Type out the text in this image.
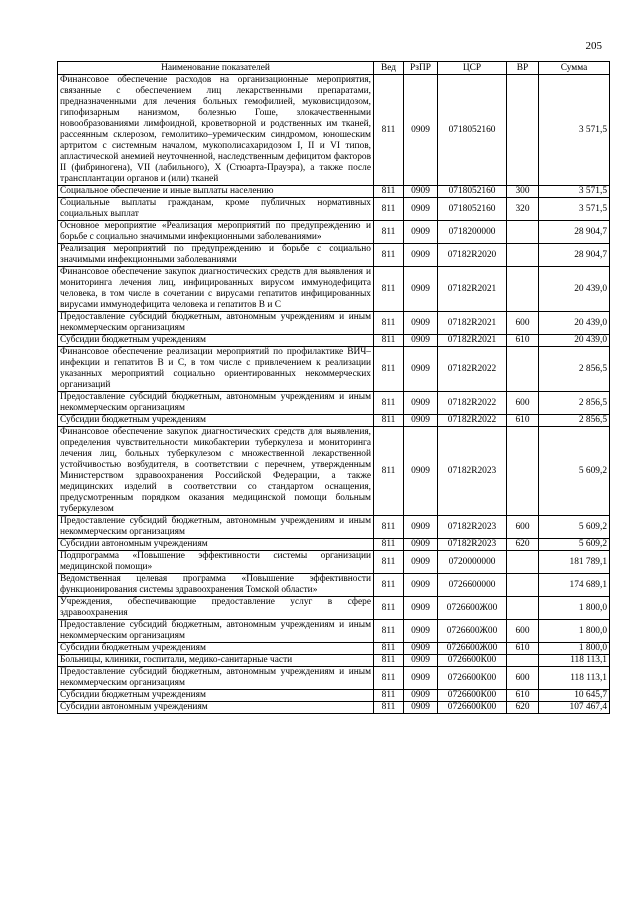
205
Наименование показателей	Вед	РзПР	ЦСР	ВР	Сумма
Финансовое обеспечение расходов на организационные мероприятия, связанные с обеспечением лиц лекарственными препаратами, предназначенными для лечения больных гемофилией, муковисцидозом, гипофизарным нанизмом, болезнью Гоше, злокачественными новообразованиями лимфоидной, кроветворной и родственных им тканей, рассеянным склерозом, гемолитико–уремическим синдромом, юношеским артритом с системным началом, мукополисахаридозом I, II и VI типов, апластической анемией неуточненной, наследственным дефицитом факторов II (фибриногена), VII (лабильного), X (Стюарта-Прауэра), а также после трансплантации органов и (или) тканей	811	0909	0718052160		3 571,5
Социальное обеспечение и иные выплаты населению	811	0909	0718052160	300	3 571,5
Социальные выплаты гражданам, кроме публичных нормативных социальных выплат	811	0909	0718052160	320	3 571,5
Основное мероприятие «Реализация мероприятий по предупреждению и борьбе с социально значимыми инфекционными заболеваниями»	811	0909	0718200000		28 904,7
Реализация мероприятий по предупреждению и борьбе с социально значимыми инфекционными заболеваниями	811	0909	07182R2020		28 904,7
Финансовое обеспечение закупок диагностических средств для выявления и мониторинга лечения лиц, инфицированных вирусом иммунодефицита человека, в том числе в сочетании с вирусами гепатитов инфицированных вирусами иммунодефицита человека и гепатитов В и С	811	0909	07182R2021		20 439,0
Предоставление субсидий бюджетным, автономным учреждениям и иным некоммерческим организациям	811	0909	07182R2021	600	20 439,0
Субсидии бюджетным учреждениям	811	0909	07182R2021	610	20 439,0
Финансовое обеспечение реализации мероприятий по профилактике ВИЧ–инфекции и гепатитов В и С, в том числе с привлечением к реализации указанных мероприятий социально ориентированных некоммерческих организаций	811	0909	07182R2022		2 856,5
Предоставление субсидий бюджетным, автономным учреждениям и иным некоммерческим организациям	811	0909	07182R2022	600	2 856,5
Субсидии бюджетным учреждениям	811	0909	07182R2022	610	2 856,5
Финансовое обеспечение закупок диагностических средств для выявления, определения чувствительности микобактерии туберкулеза и мониторинга лечения лиц, больных туберкулезом с множественной лекарственной устойчивостью возбудителя, в соответствии с перечнем, утвержденным Министерством здравоохранения Российской Федерации, а также медицинских изделий в соответствии со стандартом оснащения, предусмотренным порядком оказания медицинской помощи больным туберкулезом	811	0909	07182R2023		5 609,2
Предоставление субсидий бюджетным, автономным учреждениям и иным некоммерческим организациям	811	0909	07182R2023	600	5 609,2
Субсидии автономным учреждениям	811	0909	07182R2023	620	5 609,2
Подпрограмма «Повышение эффективности системы организации медицинской помощи»	811	0909	0720000000		181 789,1
Ведомственная целевая программа «Повышение эффективности функционирования системы здравоохранения Томской области»	811	0909	0726600000		174 689,1
Учреждения, обеспечивающие предоставление услуг в сфере здравоохранения	811	0909	0726600Ж00		1 800,0
Предоставление субсидий бюджетным, автономным учреждениям и иным некоммерческим организациям	811	0909	0726600Ж00	600	1 800,0
Субсидии бюджетным учреждениям	811	0909	0726600Ж00	610	1 800,0
Больницы, клиники, госпитали, медико-санитарные части	811	0909	0726600К00		118 113,1
Предоставление субсидий бюджетным, автономным учреждениям и иным некоммерческим организациям	811	0909	0726600К00	600	118 113,1
Субсидии бюджетным учреждениям	811	0909	0726600К00	610	10 645,7
Субсидии автономным учреждениям	811	0909	0726600К00	620	107 467,4
